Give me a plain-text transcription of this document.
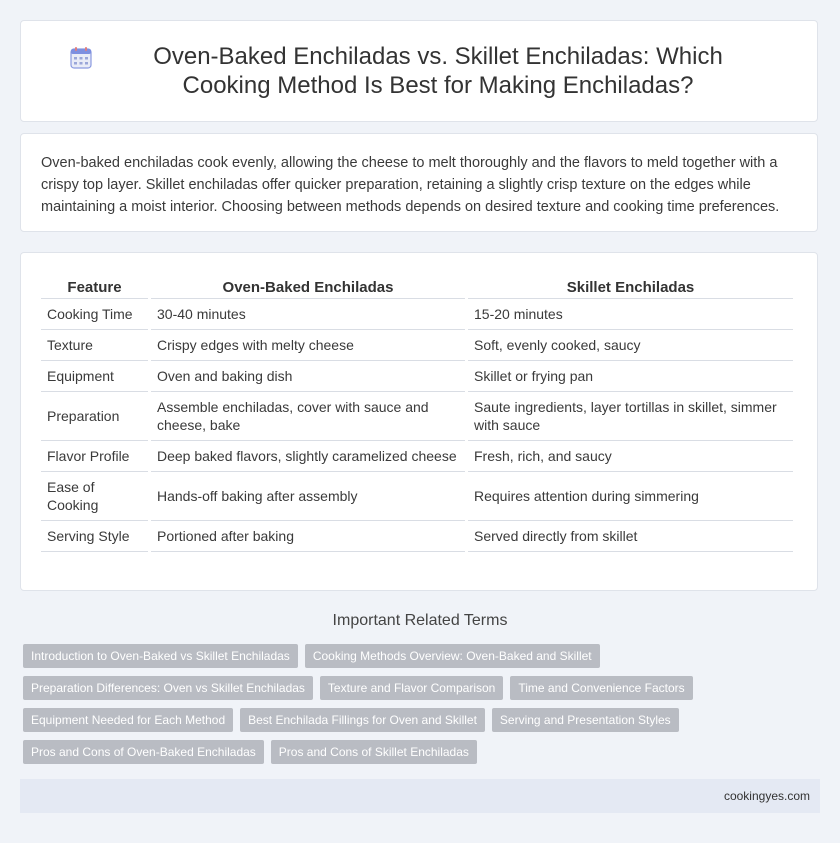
Oven-Baked Enchiladas vs. Skillet Enchiladas: Which Cooking Method Is Best for Making Enchiladas?

Oven-baked enchiladas cook evenly, allowing the cheese to melt thoroughly and the flavors to meld together with a crispy top layer. Skillet enchiladas offer quicker preparation, retaining a slightly crisp texture on the edges while maintaining a moist interior. Choosing between methods depends on desired texture and cooking time preferences.

Feature	Oven-Baked Enchiladas	Skillet Enchiladas
Cooking Time	30-40 minutes	15-20 minutes
Texture	Crispy edges with melty cheese	Soft, evenly cooked, saucy
Equipment	Oven and baking dish	Skillet or frying pan
Preparation	Assemble enchiladas, cover with sauce and cheese, bake	Saute ingredients, layer tortillas in skillet, simmer with sauce
Flavor Profile	Deep baked flavors, slightly caramelized cheese	Fresh, rich, and saucy
Ease of Cooking	Hands-off baking after assembly	Requires attention during simmering
Serving Style	Portioned after baking	Served directly from skillet
Important Related Terms
Introduction to Oven-Baked vs Skillet Enchiladas	Cooking Methods Overview: Oven-Baked and Skillet
Preparation Differences: Oven vs Skillet Enchiladas	Texture and Flavor Comparison	Time and Convenience Factors
Equipment Needed for Each Method	Best Enchilada Fillings for Oven and Skillet	Serving and Presentation Styles
Pros and Cons of Oven-Baked Enchiladas	Pros and Cons of Skillet Enchiladas
cookingyes.com
